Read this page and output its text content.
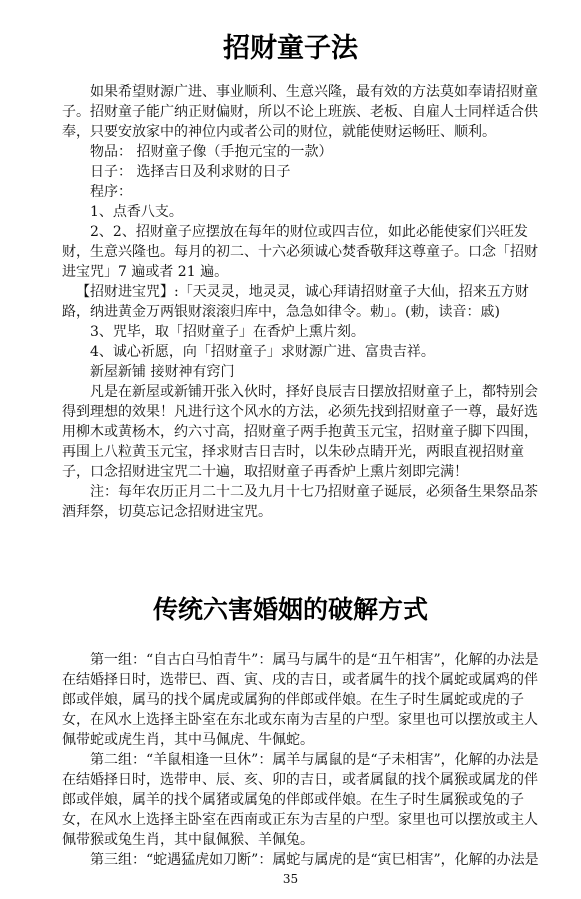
招财童子法

如果希望财源广进、事业顺利、生意兴隆，最有效的方法莫如奉请招财童子。招财童子能广纳正财偏财，所以不论上班族、老板、自雇人士同样适合供奉，只要安放家中的神位内或者公司的财位，就能使财运畅旺、顺利。

物品： 招财童子像（手抱元宝的一款）

日子： 选择吉日及利求财的日子

程序：

1、点香八支。

2、2、招财童子应摆放在每年的财位或四吉位，如此必能使家们兴旺发财，生意兴隆也。每月的初二、十六必须诚心焚香敬拜这尊童子。口念「招财进宝咒」7 遍或者 21 遍。

【招财进宝咒】:「天灵灵，地灵灵，诚心拜请招财童子大仙，招来五方财路，纳进黄金万两银财滚滚归库中，急急如律令。勅」。(勅，读音：戚)

3、咒毕，取「招财童子」在香炉上熏片刻。

4、诚心祈愿，向「招财童子」求财源广进、富贵吉祥。

新屋新铺 接财神有窍门

凡是在新屋或新铺开张入伙时，择好良辰吉日摆放招财童子上，都特别会得到理想的效果！凡进行这个风水的方法，必须先找到招财童子一尊，最好选用柳木或黄杨木，约六寸高，招财童子两手抱黄玉元宝，招财童子脚下四围，再围上八粒黄玉元宝，择求财吉日吉时，以朱砂点睛开光，两眼直视招财童子，口念招财进宝咒二十遍，取招财童子再香炉上熏片刻即完满！

注：每年农历正月二十二及九月十七乃招财童子诞辰，必须备生果祭品茶酒拜祭，切莫忘记念招财进宝咒。

传统六害婚姻的破解方式

第一组：“自古白马怕青牛”：属马与属牛的是“丑午相害”，化解的办法是在结婚择日时，选带巳、酉、寅、戌的吉日，或者属牛的找个属蛇或属鸡的伴郎或伴娘，属马的找个属虎或属狗的伴郎或伴娘。在生子时生属蛇或虎的子女，在风水上选择主卧室在东北或东南为吉星的户型。家里也可以摆放或主人佩带蛇或虎生肖，其中马佩虎、牛佩蛇。

第二组：“羊鼠相逢一旦休”：属羊与属鼠的是“子未相害”，化解的办法是在结婚择日时，选带申、辰、亥、卯的吉日，或者属鼠的找个属猴或属龙的伴郎或伴娘，属羊的找个属猪或属兔的伴郎或伴娘。在生子时生属猴或兔的子女，在风水上选择主卧室在西南或正东为吉星的户型。家里也可以摆放或主人佩带猴或兔生肖，其中鼠佩猴、羊佩兔。

第三组：“蛇遇猛虎如刀断”：属蛇与属虎的是“寅巳相害”，化解的办法是

35
